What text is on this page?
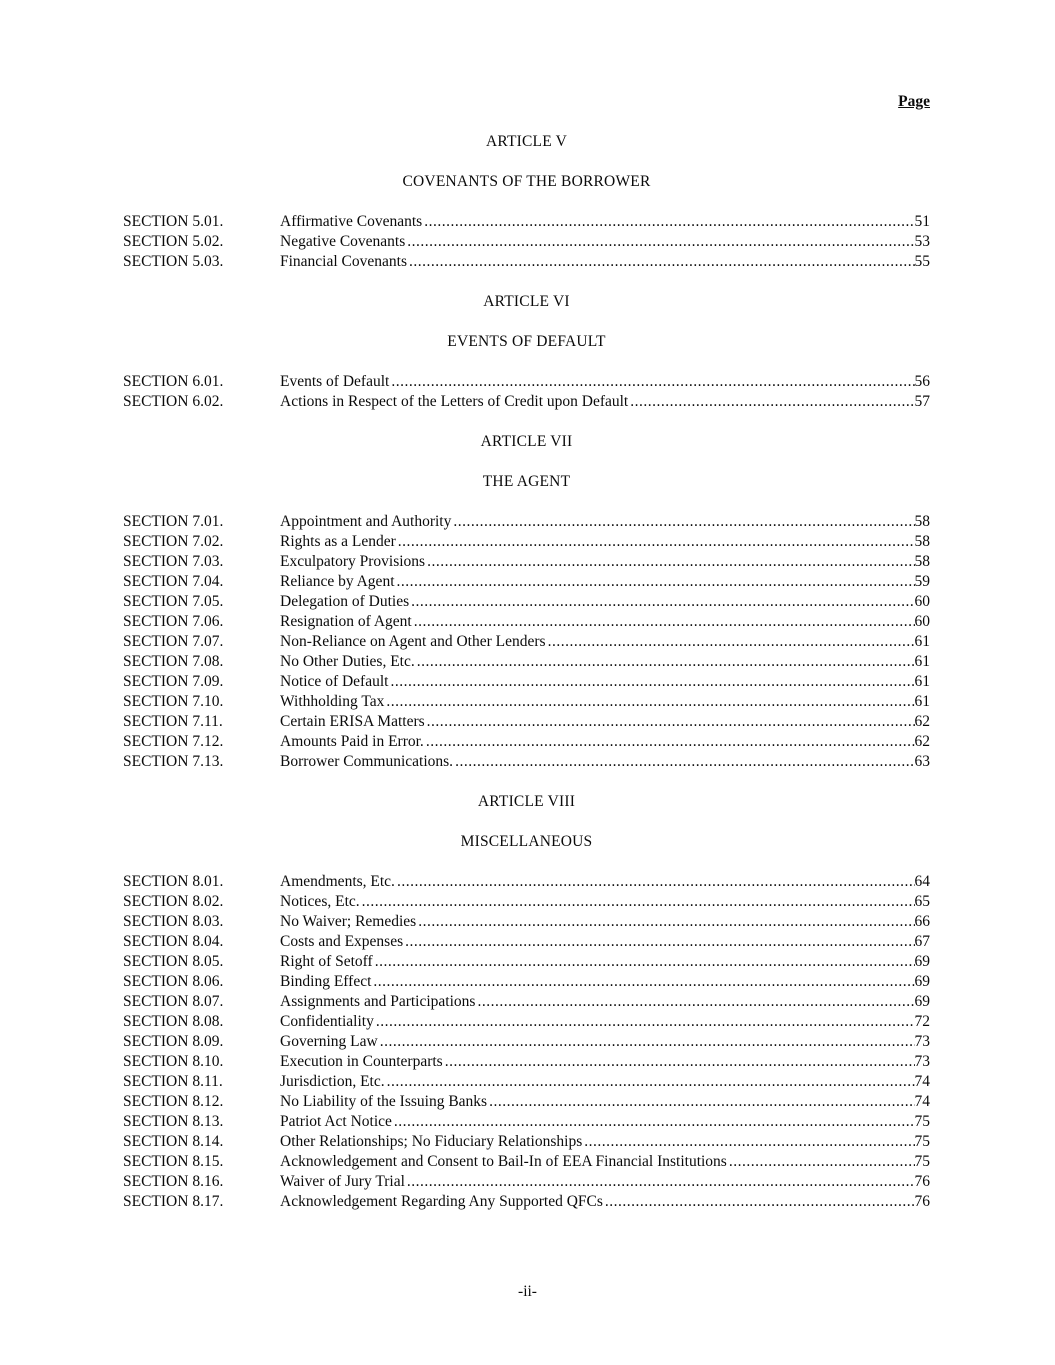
Page
ARTICLE V
COVENANTS OF THE BORROWER
SECTION 5.01.	Affirmative Covenants .....	51
SECTION 5.02.	Negative Covenants .....	53
SECTION 5.03.	Financial Covenants .....	55
ARTICLE VI
EVENTS OF DEFAULT
SECTION 6.01.	Events of Default .....	56
SECTION 6.02.	Actions in Respect of the Letters of Credit upon Default .....	57
ARTICLE VII
THE AGENT
SECTION 7.01.	Appointment and Authority .....	58
SECTION 7.02.	Rights as a Lender .....	58
SECTION 7.03.	Exculpatory Provisions .....	58
SECTION 7.04.	Reliance by Agent .....	59
SECTION 7.05.	Delegation of Duties .....	60
SECTION 7.06.	Resignation of Agent .....	60
SECTION 7.07.	Non-Reliance on Agent and Other Lenders .....	61
SECTION 7.08.	No Other Duties, Etc. .....	61
SECTION 7.09.	Notice of Default .....	61
SECTION 7.10.	Withholding Tax .....	61
SECTION 7.11.	Certain ERISA Matters .....	62
SECTION 7.12.	Amounts Paid in Error. .....	62
SECTION 7.13.	Borrower Communications. .....	63
ARTICLE VIII
MISCELLANEOUS
SECTION 8.01.	Amendments, Etc. .....	64
SECTION 8.02.	Notices, Etc. .....	65
SECTION 8.03.	No Waiver; Remedies .....	66
SECTION 8.04.	Costs and Expenses .....	67
SECTION 8.05.	Right of Setoff .....	69
SECTION 8.06.	Binding Effect .....	69
SECTION 8.07.	Assignments and Participations .....	69
SECTION 8.08.	Confidentiality .....	72
SECTION 8.09.	Governing Law .....	73
SECTION 8.10.	Execution in Counterparts .....	73
SECTION 8.11.	Jurisdiction, Etc. .....	74
SECTION 8.12.	No Liability of the Issuing Banks .....	74
SECTION 8.13.	Patriot Act Notice .....	75
SECTION 8.14.	Other Relationships; No Fiduciary Relationships .....	75
SECTION 8.15.	Acknowledgement and Consent to Bail-In of EEA Financial Institutions .....	75
SECTION 8.16.	Waiver of Jury Trial .....	76
SECTION 8.17.	Acknowledgement Regarding Any Supported QFCs .....	76
-ii-
